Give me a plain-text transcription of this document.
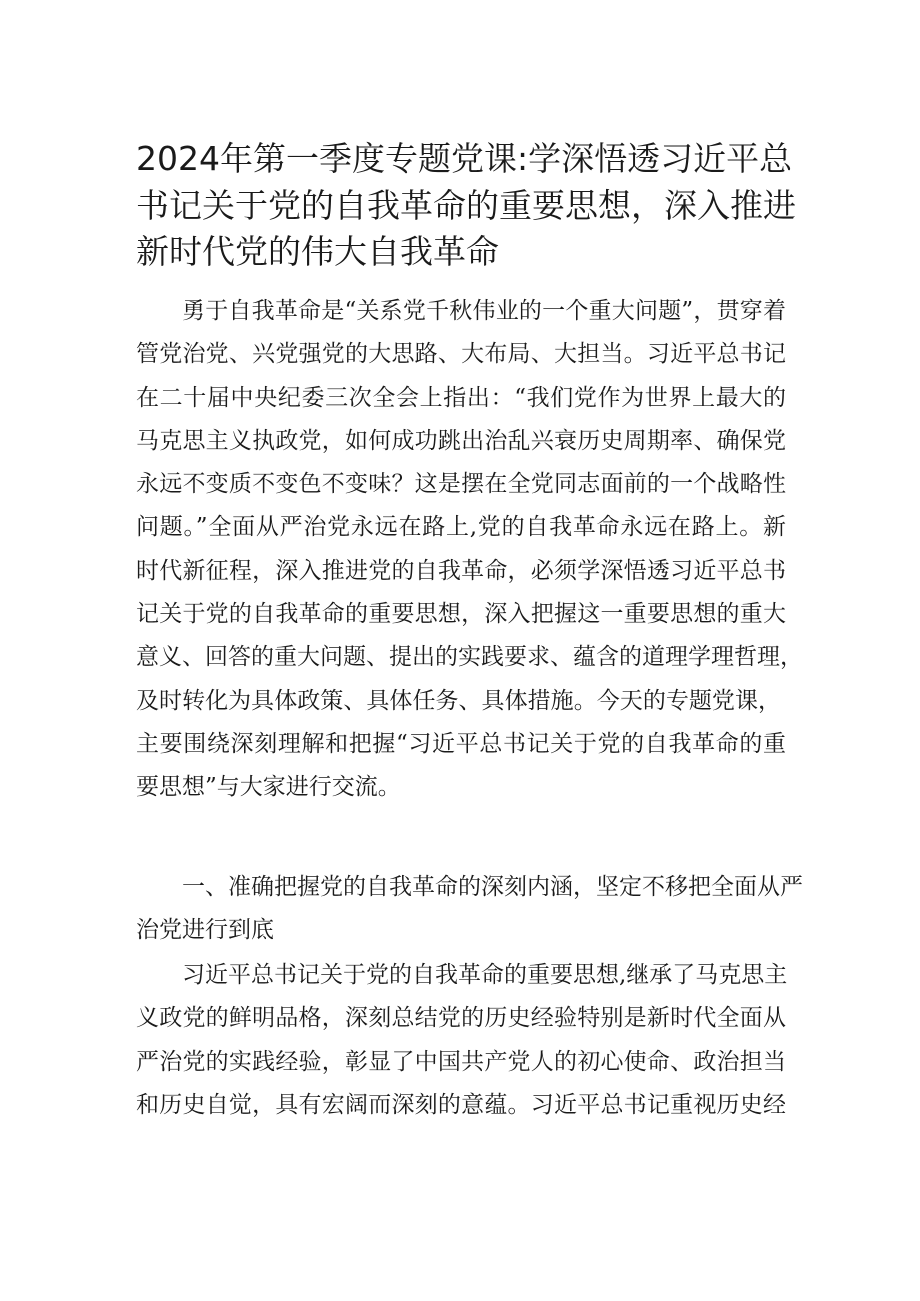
2024年第一季度专题党课:学深悟透习近平总
书记关于党的自我革命的重要思想，深入推进
新时代党的伟大自我革命
勇于自我革命是“关系党千秋伟业的一个重大问题”，贯穿着
管党治党、兴党强党的大思路、大布局、大担当。习近平总书记
在二十届中央纪委三次全会上指出：“我们党作为世界上最大的
马克思主义执政党，如何成功跳出治乱兴衰历史周期率、确保党
永远不变质不变色不变味？这是摆在全党同志面前的一个战略性
问题。”全面从严治党永远在路上,党的自我革命永远在路上。新
时代新征程，深入推进党的自我革命，必须学深悟透习近平总书
记关于党的自我革命的重要思想，深入把握这一重要思想的重大
意义、回答的重大问题、提出的实践要求、蕴含的道理学理哲理，
及时转化为具体政策、具体任务、具体措施。今天的专题党课，
主要围绕深刻理解和把握“习近平总书记关于党的自我革命的重
要思想”与大家进行交流。
一、准确把握党的自我革命的深刻内涵，坚定不移把全面从严
治党进行到底
习近平总书记关于党的自我革命的重要思想,继承了马克思主
义政党的鲜明品格，深刻总结党的历史经验特别是新时代全面从
严治党的实践经验，彰显了中国共产党人的初心使命、政治担当
和历史自觉，具有宏阔而深刻的意蕴。习近平总书记重视历史经
